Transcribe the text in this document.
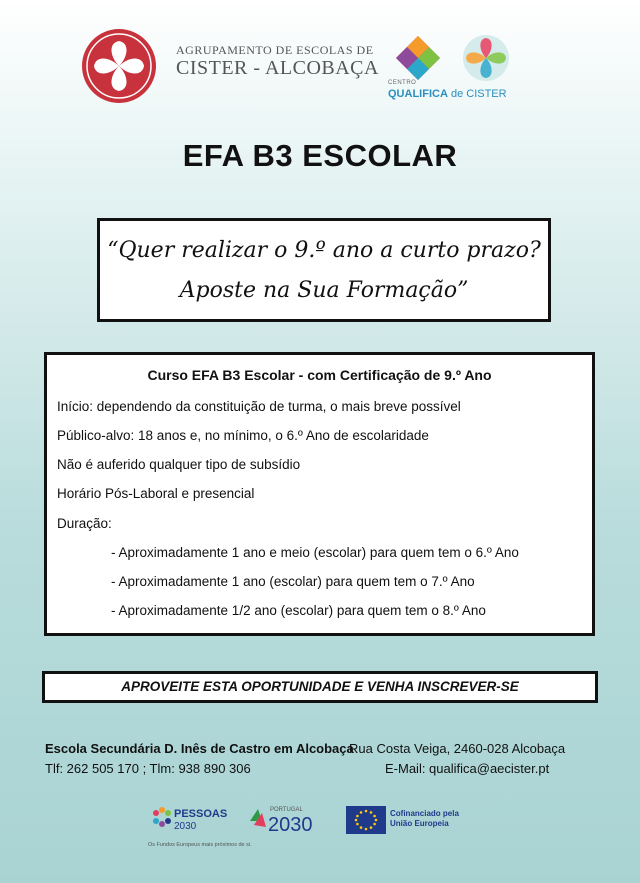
AGRUPAMENTO DE ESCOLAS DE
CISTER - ALCOBAÇA
CENTRO
QUALIFICA de CISTER
EFA B3 ESCOLAR
“Quer realizar o 9.º ano a curto prazo?
Aposte na Sua Formação”
Curso EFA B3 Escolar - com Certificação de 9.º Ano
Início: dependendo da constituição de turma, o mais breve possível
Público-alvo: 18 anos e, no mínimo, o 6.º Ano de escolaridade
Não é auferido qualquer tipo de subsídio
Horário Pós-Laboral e presencial
Duração:
- Aproximadamente 1 ano e meio (escolar) para quem tem o 6.º Ano
- Aproximadamente 1 ano (escolar) para quem tem o 7.º Ano
- Aproximadamente 1/2 ano (escolar) para quem tem o 8.º Ano
APROVEITE ESTA OPORTUNIDADE E VENHA INSCREVER-SE
Escola Secundária D. Inês de Castro em Alcobaça
Rua Costa Veiga, 2460-028 Alcobaça
Tlf: 262 505 170 ; Tlm: 938 890 306	E-Mail: qualifica@aecister.pt
PESSOAS
2030
Os Fundos Europeus mais próximos de si.
PORTUGAL
2030
Cofinanciado pela
União Europeia
